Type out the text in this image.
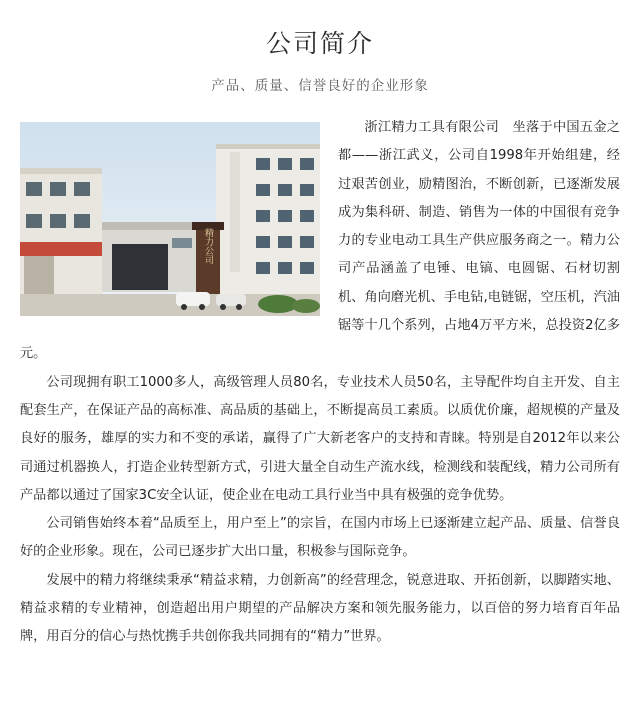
公司简介
产品、质量、信誉良好的企业形象
精力公司

浙江精力工具有限公司　坐落于中国五金之都——浙江武义，公司自1998年开始组建，经过艰苦创业，励精图治，不断创新，已逐渐发展成为集科研、制造、销售为一体的中国很有竞争力的专业电动工具生产供应服务商之一。精力公司产品涵盖了电锤、电镐、电圆锯、石材切割机、角向磨光机、手电钻,电链锯，空压机，汽油锯等十几个系列，占地4万平方米，总投资2亿多元。

公司现拥有职工1000多人，高级管理人员80名，专业技术人员50名，主导配件均自主开发、自主配套生产，在保证产品的高标准、高品质的基础上，不断提高员工素质。以质优价廉，超规模的产量及良好的服务，雄厚的实力和不变的承诺，赢得了广大新老客户的支持和青睐。特别是自2012年以来公司通过机器换人，打造企业转型新方式，引进大量全自动生产流水线，检测线和装配线，精力公司所有产品都以通过了国家3C安全认证，使企业在电动工具行业当中具有极强的竞争优势。

公司销售始终本着“品质至上，用户至上”的宗旨，在国内市场上已逐渐建立起产品、质量、信誉良好的企业形象。现在，公司已逐步扩大出口量，积极参与国际竞争。

发展中的精力将继续秉承“精益求精，力创新高”的经营理念，锐意进取、开拓创新，以脚踏实地、精益求精的专业精神，创造超出用户期望的产品解决方案和领先服务能力，以百倍的努力培育百年品牌，用百分的信心与热忱携手共创你我共同拥有的“精力”世界。
